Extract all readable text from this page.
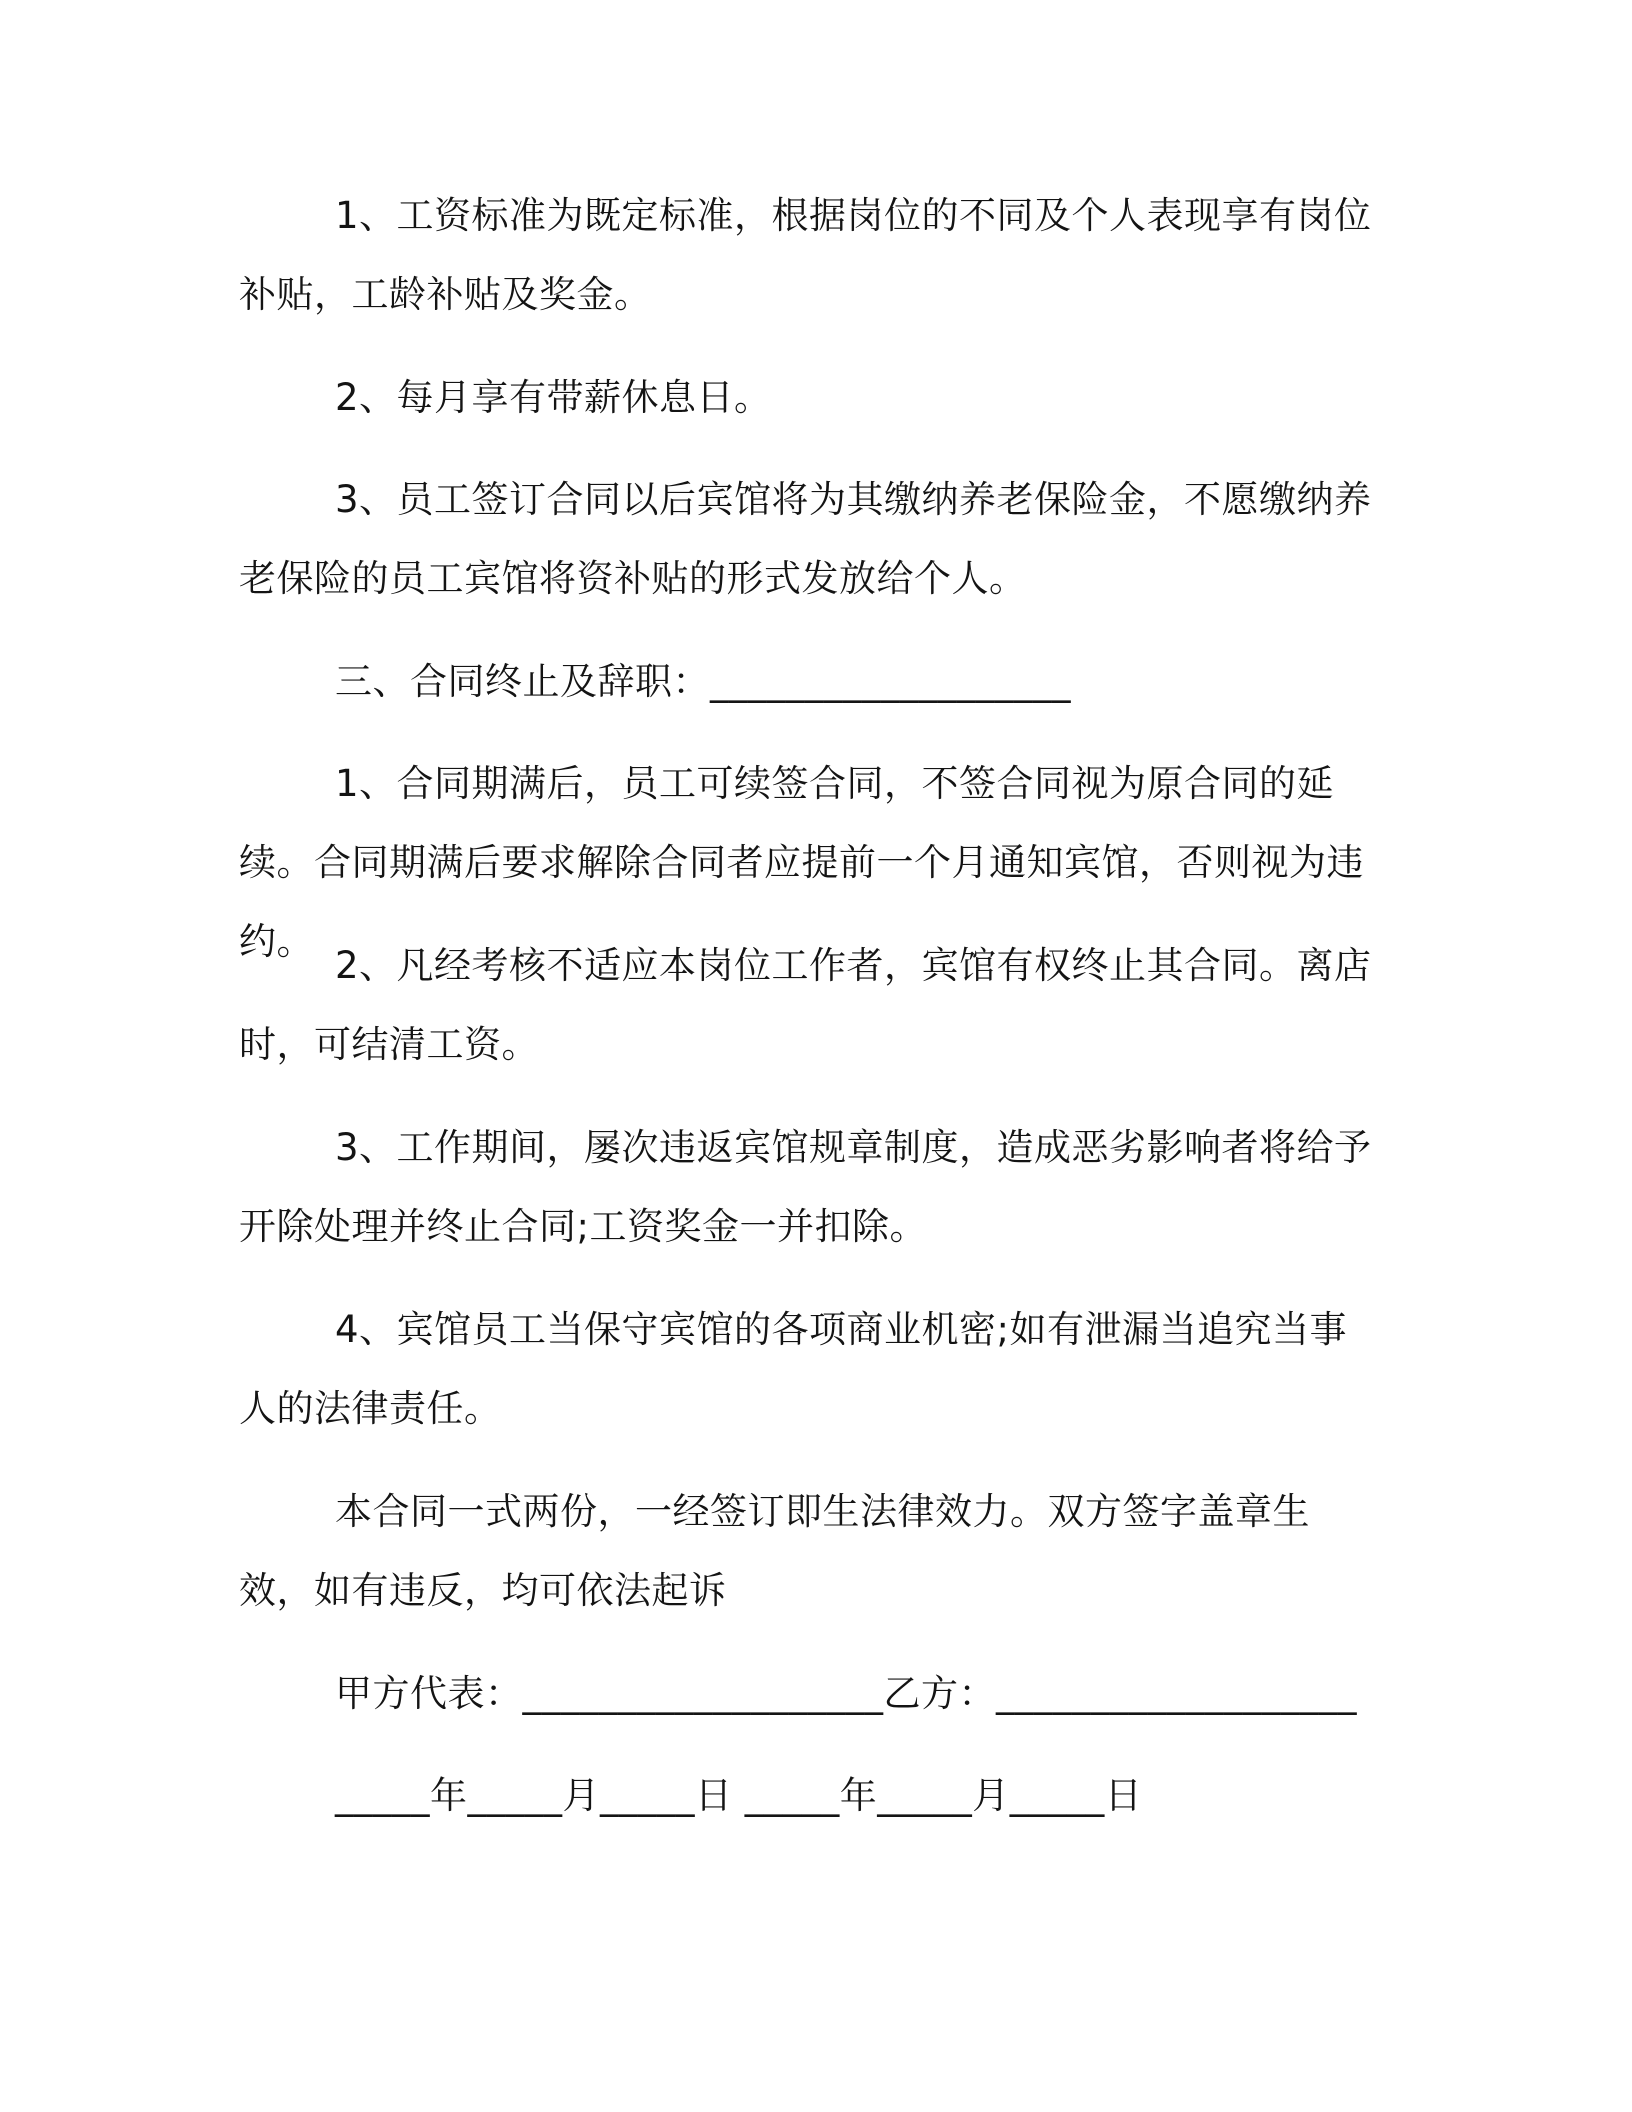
1、工资标准为既定标准，根据岗位的不同及个人表现享有岗位补贴，工龄补贴及奖金。

2、每月享有带薪休息日。

3、员工签订合同以后宾馆将为其缴纳养老保险金，不愿缴纳养老保险的员工宾馆将资补贴的形式发放给个人。

三、合同终止及辞职：___________________

1、合同期满后，员工可续签合同，不签合同视为原合同的延续。合同期满后要求解除合同者应提前一个月通知宾馆，否则视为违约。

2、凡经考核不适应本岗位工作者，宾馆有权终止其合同。离店时，可结清工资。

3、工作期间，屡次违返宾馆规章制度，造成恶劣影响者将给予开除处理并终止合同;工资奖金一并扣除。

4、宾馆员工当保守宾馆的各项商业机密;如有泄漏当追究当事人的法律责任。

本合同一式两份，一经签订即生法律效力。双方签字盖章生效，如有违反，均可依法起诉

甲方代表：___________________乙方：___________________

_____年_____月_____日 _____年_____月_____日
